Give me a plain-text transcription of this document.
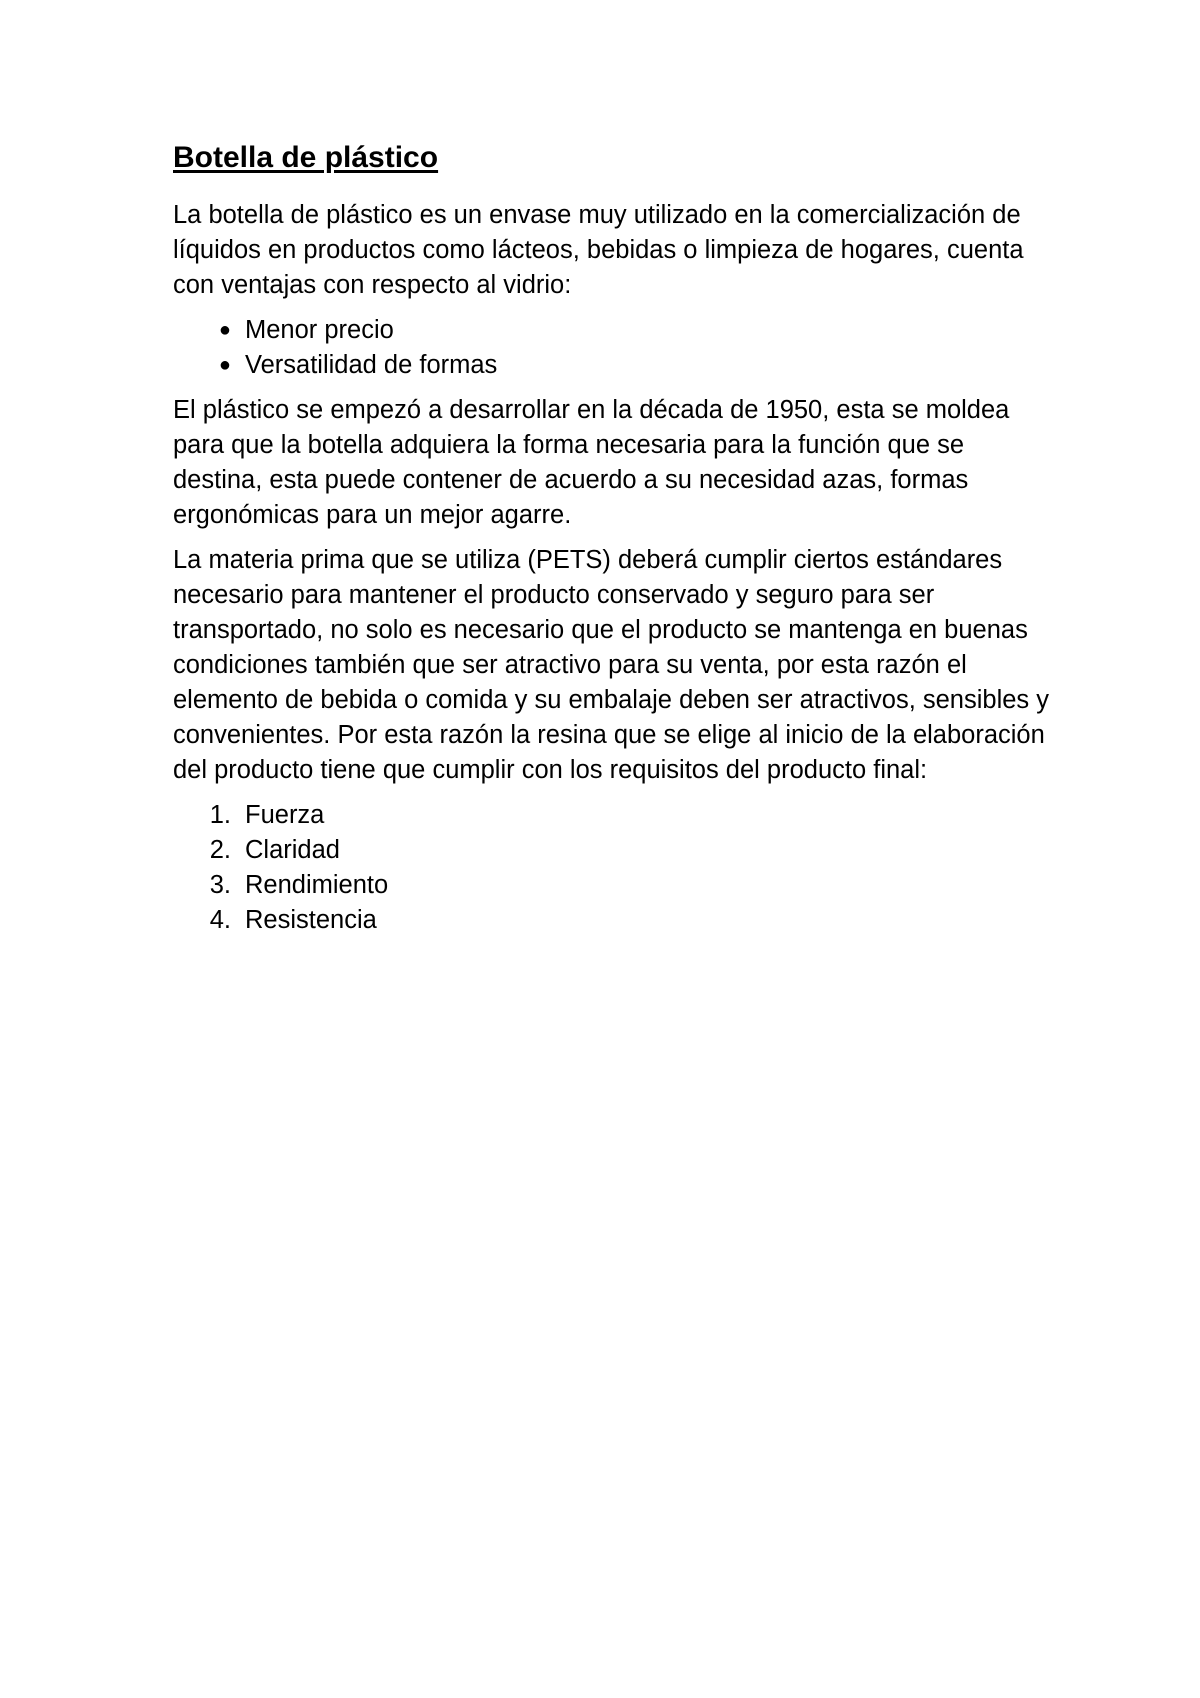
Botella de plástico

La botella de plástico es un envase muy utilizado en la comercialización de líquidos en productos como lácteos, bebidas o limpieza de hogares, cuenta con ventajas con respecto al vidrio:

● Menor precio
● Versatilidad de formas

El plástico se empezó a desarrollar en la década de 1950, esta se moldea para que la botella adquiera la forma necesaria para la función que se destina, esta puede contener de acuerdo a su necesidad azas, formas ergonómicas para un mejor agarre.

La materia prima que se utiliza (PETS) deberá cumplir ciertos estándares necesario para mantener el producto conservado y seguro para ser transportado, no solo es necesario que el producto se mantenga en buenas condiciones también que ser atractivo para su venta, por esta razón el elemento de bebida o comida y su embalaje deben ser atractivos, sensibles y convenientes. Por esta razón la resina que se elige al inicio de la elaboración del producto tiene que cumplir con los requisitos del producto final:

1. Fuerza
2. Claridad
3. Rendimiento
4. Resistencia
